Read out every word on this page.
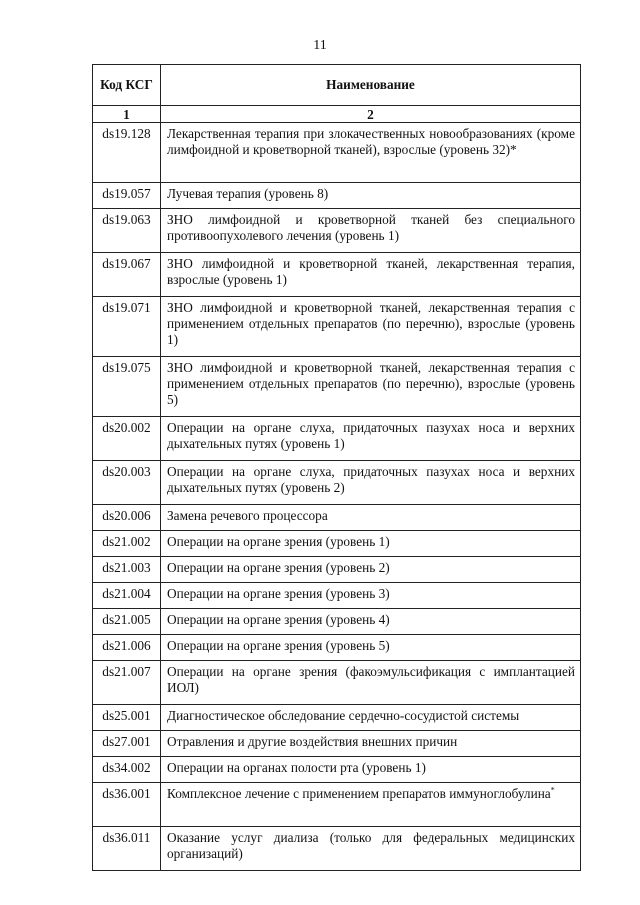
11
Код КСГ	Наименование
1	2
ds19.128	Лекарственная терапия при злокачественных новообразованиях (кроме лимфоидной и кроветворной тканей), взрослые (уровень 32)*
ds19.057	Лучевая терапия (уровень 8)
ds19.063	ЗНО лимфоидной и кроветворной тканей без специального противоопухолевого лечения (уровень 1)
ds19.067	ЗНО лимфоидной и кроветворной тканей, лекарственная терапия, взрослые (уровень 1)
ds19.071	ЗНО лимфоидной и кроветворной тканей, лекарственная терапия с применением отдельных препаратов (по перечню), взрослые (уровень 1)
ds19.075	ЗНО лимфоидной и кроветворной тканей, лекарственная терапия с применением отдельных препаратов (по перечню), взрослые (уровень 5)
ds20.002	Операции на органе слуха, придаточных пазухах носа и верхних дыхательных путях (уровень 1)
ds20.003	Операции на органе слуха, придаточных пазухах носа и верхних дыхательных путях (уровень 2)
ds20.006	Замена речевого процессора
ds21.002	Операции на органе зрения (уровень 1)
ds21.003	Операции на органе зрения (уровень 2)
ds21.004	Операции на органе зрения (уровень 3)
ds21.005	Операции на органе зрения (уровень 4)
ds21.006	Операции на органе зрения (уровень 5)
ds21.007	Операции на органе зрения (факоэмульсификация с имплантацией ИОЛ)
ds25.001	Диагностическое обследование сердечно-сосудистой системы
ds27.001	Отравления и другие воздействия внешних причин
ds34.002	Операции на органах полости рта (уровень 1)
ds36.001	Комплексное лечение с применением препаратов иммуноглобулина*
ds36.011	Оказание услуг диализа (только для федеральных медицинских организаций)
